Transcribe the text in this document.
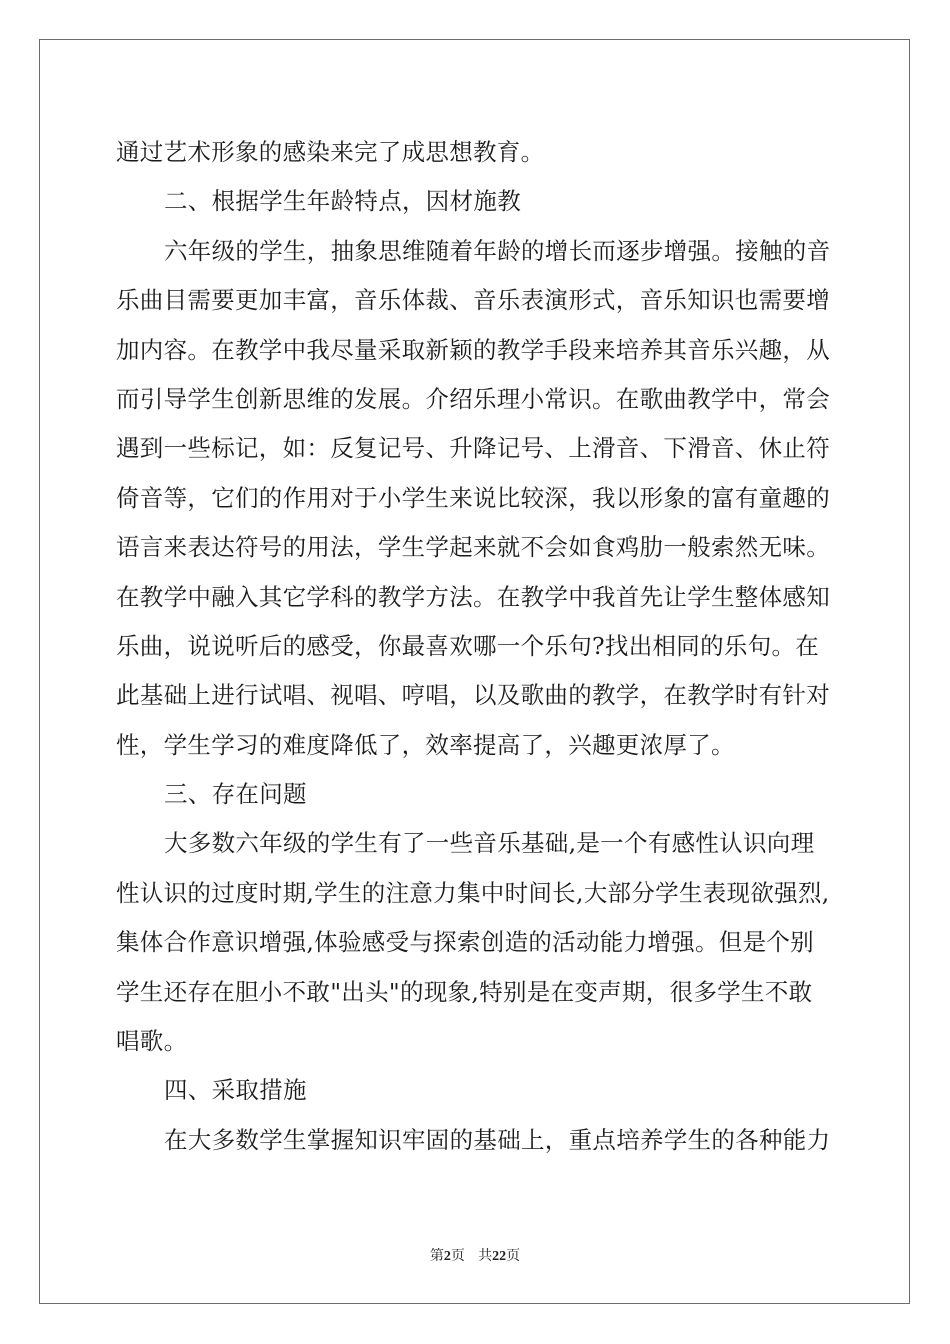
通过艺术形象的感染来完了成思想教育。
二、根据学生年龄特点，因材施教
六年级的学生，抽象思维随着年龄的增长而逐步增强。接触的音
乐曲目需要更加丰富，音乐体裁、音乐表演形式，音乐知识也需要增
加内容。在教学中我尽量采取新颖的教学手段来培养其音乐兴趣，从
而引导学生创新思维的发展。介绍乐理小常识。在歌曲教学中，常会
遇到一些标记，如：反复记号、升降记号、上滑音、下滑音、休止符
倚音等，它们的作用对于小学生来说比较深，我以形象的富有童趣的
语言来表达符号的用法，学生学起来就不会如食鸡肋一般索然无味。
在教学中融入其它学科的教学方法。在教学中我首先让学生整体感知
乐曲，说说听后的感受，你最喜欢哪一个乐句?找出相同的乐句。在
此基础上进行试唱、视唱、哼唱，以及歌曲的教学，在教学时有针对
性，学生学习的难度降低了，效率提高了，兴趣更浓厚了。
三、存在问题
大多数六年级的学生有了一些音乐基础,是一个有感性认识向理
性认识的过度时期,学生的注意力集中时间长,大部分学生表现欲强烈,
集体合作意识增强,体验感受与探索创造的活动能力增强。但是个别
学生还存在胆小不敢"出头"的现象,特别是在变声期，很多学生不敢
唱歌。
四、采取措施
在大多数学生掌握知识牢固的基础上，重点培养学生的各种能力
第2页 共22页
